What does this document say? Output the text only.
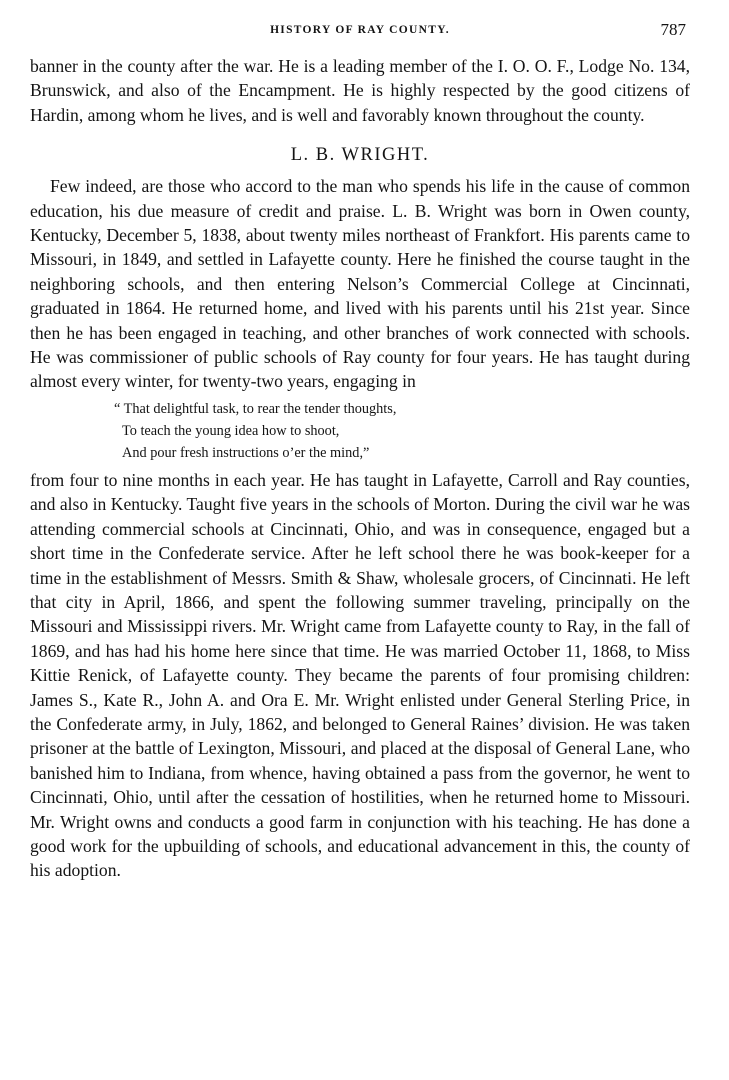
HISTORY OF RAY COUNTY.	787

banner in the county after the war. He is a leading member of the I. O. O. F., Lodge No. 134, Brunswick, and also of the Encampment. He is highly respected by the good citizens of Hardin, among whom he lives, and is well and favorably known throughout the county.

L. B. WRIGHT.

Few indeed, are those who accord to the man who spends his life in the cause of common education, his due measure of credit and praise. L. B. Wright was born in Owen county, Kentucky, December 5, 1838, about twenty miles northeast of Frankfort. His parents came to Missouri, in 1849, and settled in Lafayette county. Here he finished the course taught in the neighboring schools, and then entering Nelson’s Commercial College at Cincinnati, graduated in 1864. He returned home, and lived with his parents until his 21st year. Since then he has been engaged in teaching, and other branches of work connected with schools. He was commissioner of public schools of Ray county for four years. He has taught during almost every winter, for twenty-two years, engaging in

“ That delightful task, to rear the tender thoughts,
To teach the young idea how to shoot,
And pour fresh instructions o’er the mind,”

from four to nine months in each year. He has taught in Lafayette, Carroll and Ray counties, and also in Kentucky. Taught five years in the schools of Morton. During the civil war he was attending commercial schools at Cincinnati, Ohio, and was in consequence, engaged but a short time in the Confederate service. After he left school there he was book-keeper for a time in the establishment of Messrs. Smith & Shaw, wholesale grocers, of Cincinnati. He left that city in April, 1866, and spent the following summer traveling, principally on the Missouri and Mississippi rivers. Mr. Wright came from Lafayette county to Ray, in the fall of 1869, and has had his home here since that time. He was married October 11, 1868, to Miss Kittie Renick, of Lafayette county. They became the parents of four promising children: James S., Kate R., John A. and Ora E. Mr. Wright enlisted under General Sterling Price, in the Confederate army, in July, 1862, and belonged to General Raines’ division. He was taken prisoner at the battle of Lexington, Missouri, and placed at the disposal of General Lane, who banished him to Indiana, from whence, having obtained a pass from the governor, he went to Cincinnati, Ohio, until after the cessation of hostilities, when he returned home to Missouri. Mr. Wright owns and conducts a good farm in conjunction with his teaching. He has done a good work for the upbuilding of schools, and educational advancement in this, the county of his adoption.
